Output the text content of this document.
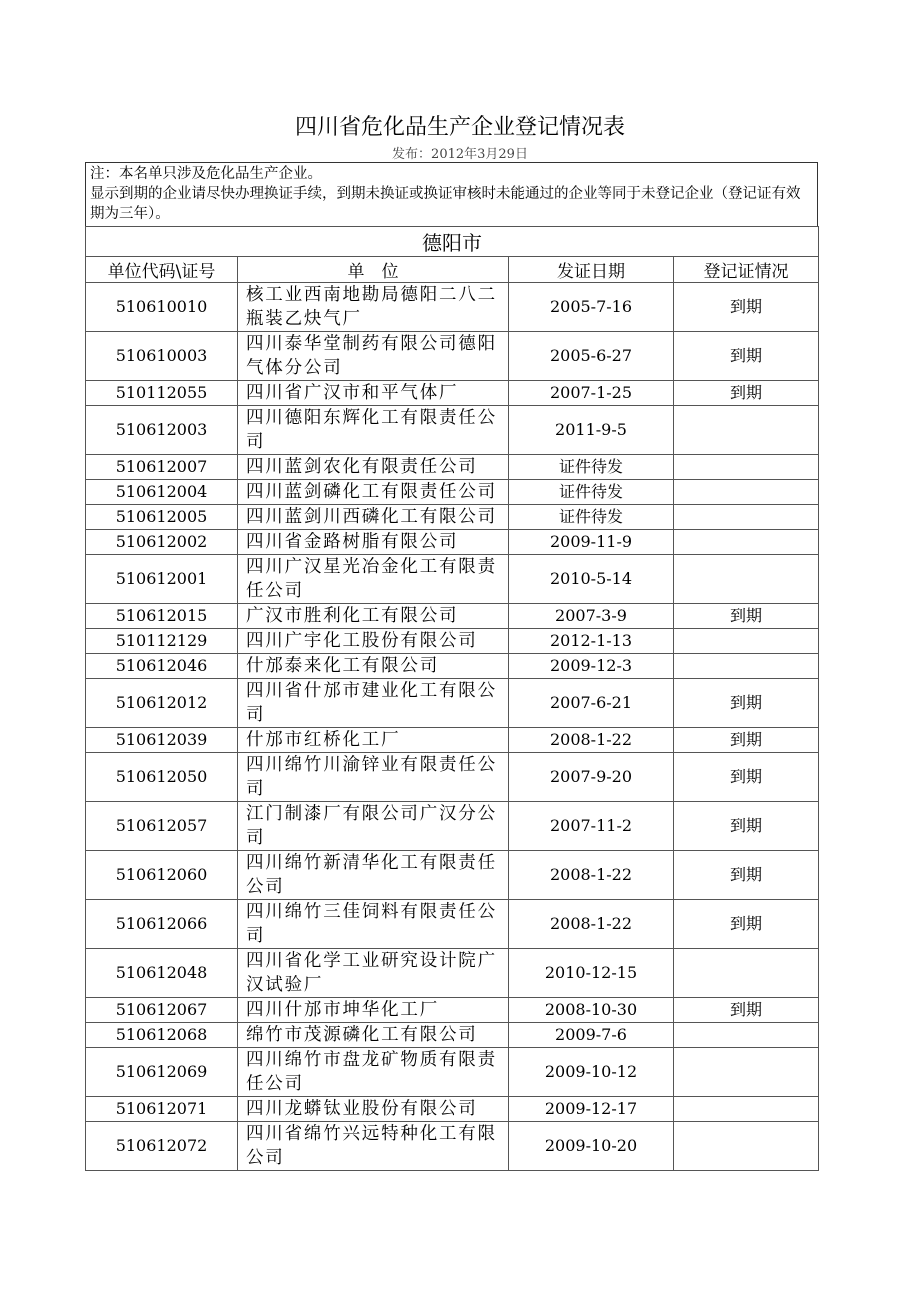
四川省危化品生产企业登记情况表
发布：2012年3月29日
注：本名单只涉及危化品生产企业。
显示到期的企业请尽快办理换证手续，到期未换证或换证审核时未能通过的企业等同于未登记企业（登记证有效期为三年）。
德阳市			
单位代码\证号	单　位	发证日期	登记证情况
510610010	核工业西南地勘局德阳二八二瓶装乙炔气厂	2005-7-16	到期
510610003	四川泰华堂制药有限公司德阳气体分公司	2005-6-27	到期
510112055	四川省广汉市和平气体厂	2007-1-25	到期
510612003	四川德阳东辉化工有限责任公司	2011-9-5	
510612007	四川蓝剑农化有限责任公司	证件待发	
510612004	四川蓝剑磷化工有限责任公司	证件待发	
510612005	四川蓝剑川西磷化工有限公司	证件待发	
510612002	四川省金路树脂有限公司	2009-11-9	
510612001	四川广汉星光冶金化工有限责任公司	2010-5-14	
510612015	广汉市胜利化工有限公司	2007-3-9	到期
510112129	四川广宇化工股份有限公司	2012-1-13	
510612046	什邡泰来化工有限公司	2009-12-3	
510612012	四川省什邡市建业化工有限公司	2007-6-21	到期
510612039	什邡市红桥化工厂	2008-1-22	到期
510612050	四川绵竹川渝锌业有限责任公司	2007-9-20	到期
510612057	江门制漆厂有限公司广汉分公司	2007-11-2	到期
510612060	四川绵竹新清华化工有限责任公司	2008-1-22	到期
510612066	四川绵竹三佳饲料有限责任公司	2008-1-22	到期
510612048	四川省化学工业研究设计院广汉试验厂	2010-12-15	
510612067	四川什邡市坤华化工厂	2008-10-30	到期
510612068	绵竹市茂源磷化工有限公司	2009-7-6	
510612069	四川绵竹市盘龙矿物质有限责任公司	2009-10-12	
510612071	四川龙蟒钛业股份有限公司	2009-12-17	
510612072	四川省绵竹兴远特种化工有限公司	2009-10-20	
